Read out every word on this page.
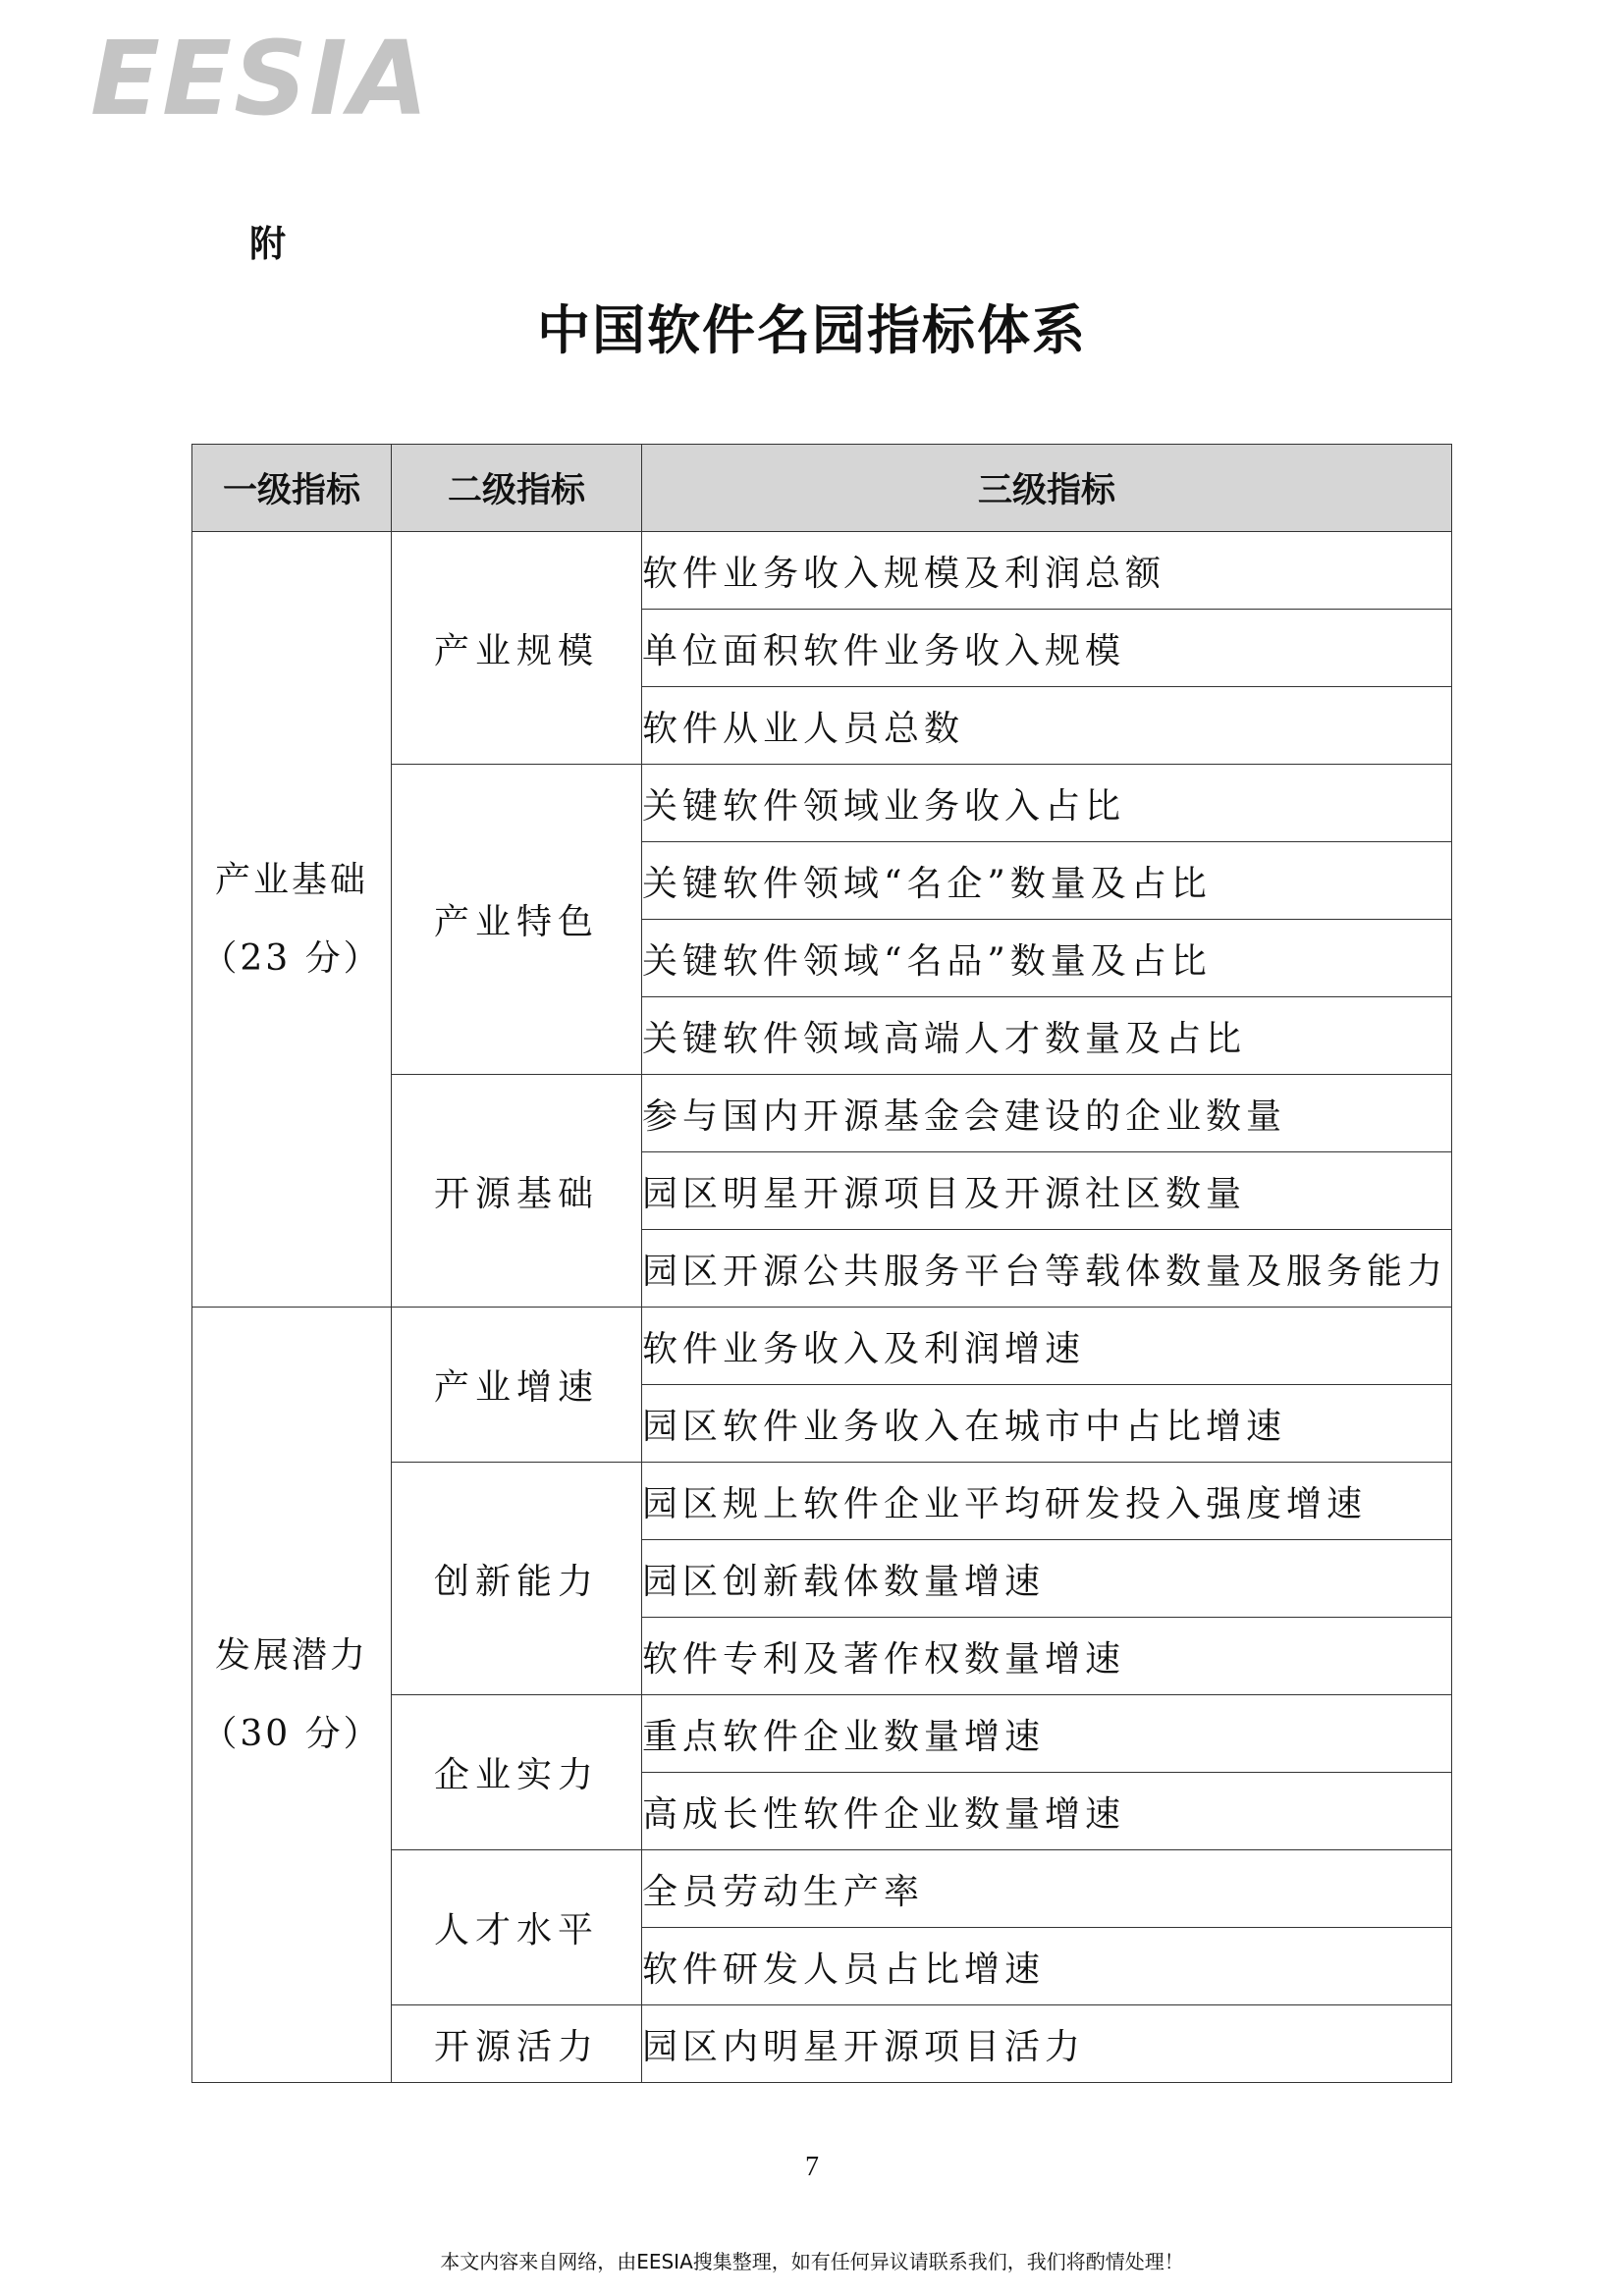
EESIA
附
中国软件名园指标体系
一级指标	二级指标	三级指标

产业基础
（23 分）	产业规模	软件业务收入规模及利润总额
		单位面积软件业务收入规模
		软件从业人员总数
	产业特色	关键软件领域业务收入占比
		关键软件领域“名企”数量及占比
		关键软件领域“名品”数量及占比
		关键软件领域高端人才数量及占比
	开源基础	参与国内开源基金会建设的企业数量
		园区明星开源项目及开源社区数量
		园区开源公共服务平台等载体数量及服务能力

发展潜力
（30 分）	产业增速	软件业务收入及利润增速
		园区软件业务收入在城市中占比增速
	创新能力	园区规上软件企业平均研发投入强度增速
		园区创新载体数量增速
		软件专利及著作权数量增速
	企业实力	重点软件企业数量增速
		高成长性软件企业数量增速
	人才水平	全员劳动生产率
		软件研发人员占比增速
	开源活力	园区内明星开源项目活力
7
本文内容来自网络，由EESIA搜集整理，如有任何异议请联系我们，我们将酌情处理！
